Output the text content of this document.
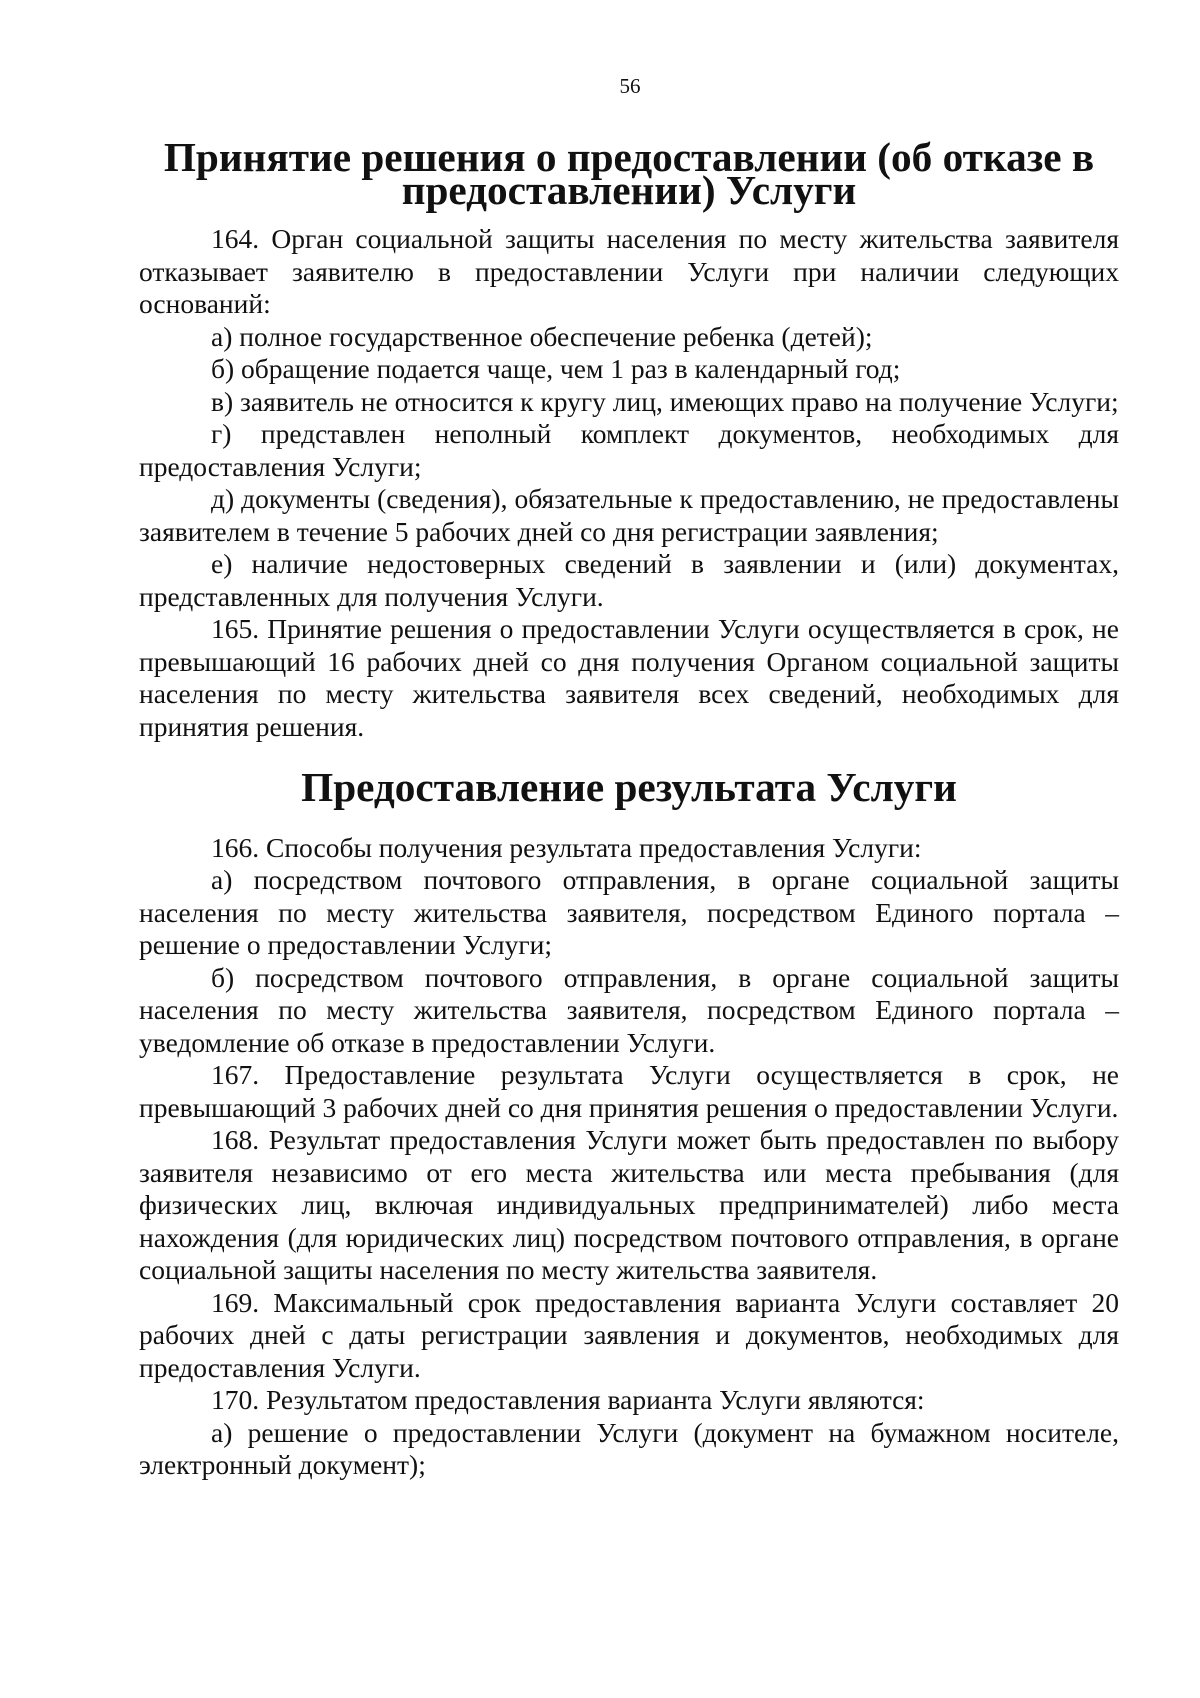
56
Принятие решения о предоставлении (об отказе в предоставлении) Услуги

164. Орган социальной защиты населения по месту жительства заявителя отказывает заявителю в предоставлении Услуги при наличии следующих оснований:

а) полное государственное обеспечение ребенка (детей);

б) обращение подается чаще, чем 1 раз в календарный год;

в) заявитель не относится к кругу лиц, имеющих право на получение Услуги;

г) представлен неполный комплект документов, необходимых для предоставления Услуги;

д) документы (сведения), обязательные к предоставлению, не предоставлены заявителем в течение 5 рабочих дней со дня регистрации заявления;

е) наличие недостоверных сведений в заявлении и (или) документах, представленных для получения Услуги.

165. Принятие решения о предоставлении Услуги осуществляется в срок, не превышающий 16 рабочих дней со дня получения Органом социальной защиты населения по месту жительства заявителя всех сведений, необходимых для принятия решения.

Предоставление результата Услуги

166. Способы получения результата предоставления Услуги:

а) посредством почтового отправления, в органе социальной защиты населения по месту жительства заявителя, посредством Единого портала – решение о предоставлении Услуги;

б) посредством почтового отправления, в органе социальной защиты населения по месту жительства заявителя, посредством Единого портала – уведомление об отказе в предоставлении Услуги.

167. Предоставление результата Услуги осуществляется в срок, не превышающий 3 рабочих дней со дня принятия решения о предоставлении Услуги.

168. Результат предоставления Услуги может быть предоставлен по выбору заявителя независимо от его места жительства или места пребывания (для физических лиц, включая индивидуальных предпринимателей) либо места нахождения (для юридических лиц) посредством почтового отправления, в органе социальной защиты населения по месту жительства заявителя.

169. Максимальный срок предоставления варианта Услуги составляет 20 рабочих дней с даты регистрации заявления и документов, необходимых для предоставления Услуги.

170. Результатом предоставления варианта Услуги являются:

а) решение о предоставлении Услуги (документ на бумажном носителе, электронный документ);
